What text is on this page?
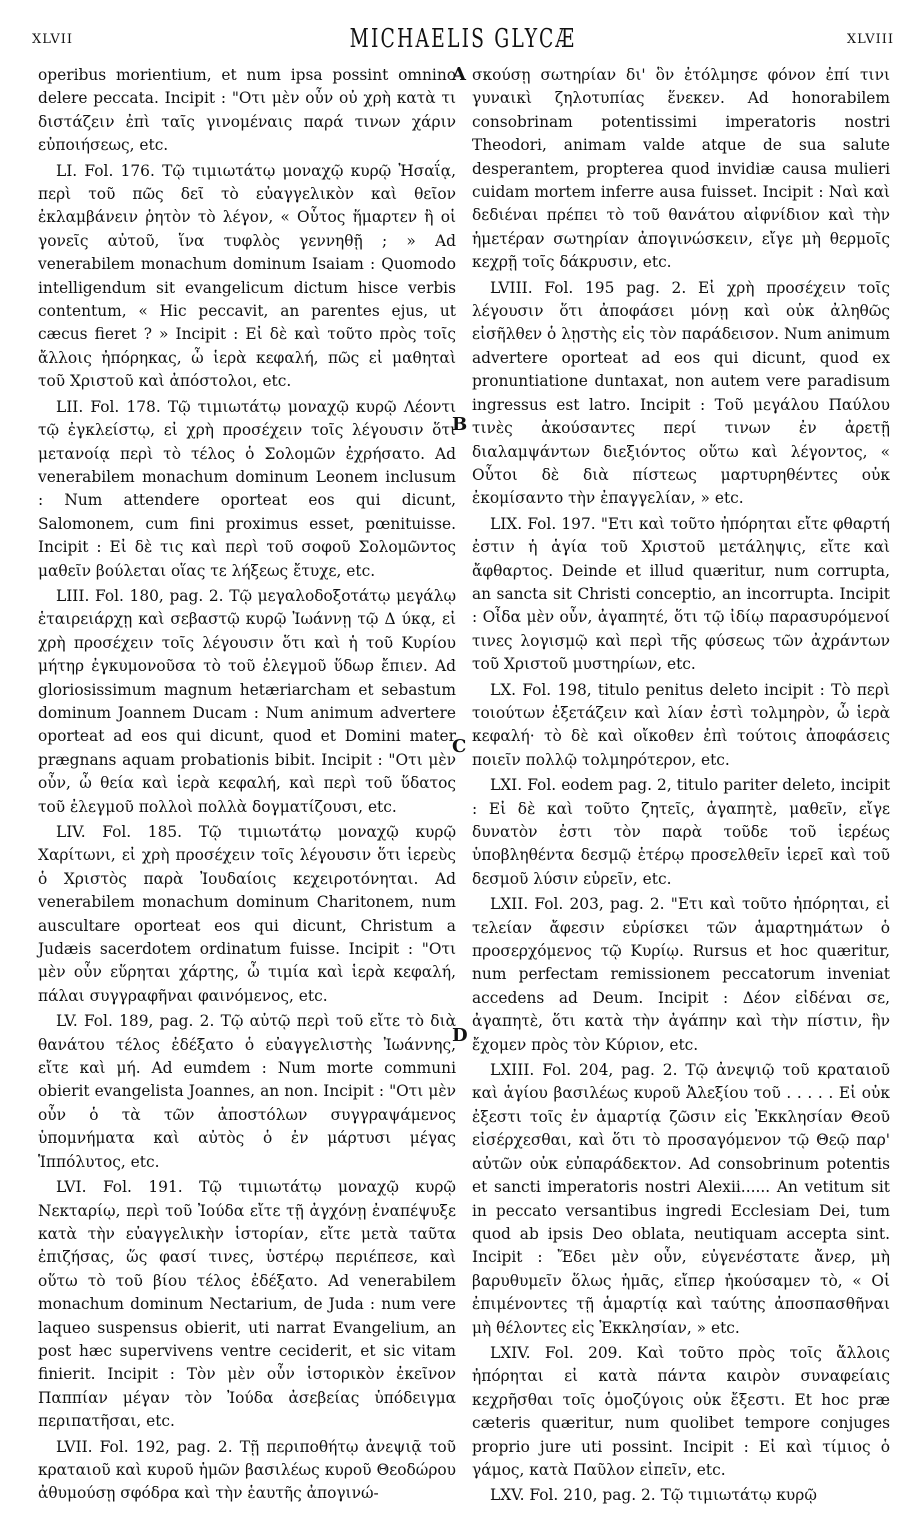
XLVII	MICHAELIS GLYCÆ	XLVIII
A
B
C
D

operibus morientium, et num ipsa possint omnino delere peccata. Incipit : "Οτι μὲν οὖν οὐ χρὴ κατὰ τι διστάζειν ἐπὶ ταῖς γινομέναις παρά τινων χάριν εὐποιήσεως, etc.

LI. Fol. 176. Τῷ τιμιωτάτῳ μοναχῷ κυρῷ Ἠσαΐᾳ, περὶ τοῦ πῶς δεῖ τὸ εὐαγγελικὸν καὶ θεῖον ἐκλαμβάνειν ῥητὸν τὸ λέγον, « Οὗτος ἥμαρτεν ἢ οἱ γονεῖς αὐτοῦ, ἵνα τυφλὸς γεννηθῇ ; » Ad venerabilem monachum dominum Isaiam : Quomodo intelligendum sit evangelicum dictum hisce verbis contentum, « Hic peccavit, an parentes ejus, ut cæcus fieret ? » Incipit : Εἰ δὲ καὶ τοῦτο πρὸς τοῖς ἄλλοις ἠπόρηκας, ὦ ἱερὰ κεφαλή, πῶς εἰ μαθηταὶ τοῦ Χριστοῦ καὶ ἀπόστολοι, etc.

LII. Fol. 178. Τῷ τιμιωτάτῳ μοναχῷ κυρῷ Λέοντι τῷ ἐγκλείστῳ, εἰ χρὴ προσέχειν τοῖς λέγουσιν ὅτι μετανοίᾳ περὶ τὸ τέλος ὁ Σολομῶν ἐχρήσατο. Ad venerabilem monachum dominum Leonem inclusum : Num attendere oporteat eos qui dicunt, Salomonem, cum fini proximus esset, pœnituisse. Incipit : Εἰ δὲ τις καὶ περὶ τοῦ σοφοῦ Σολομῶντος μαθεῖν βούλεται οἵας τε λήξεως ἔτυχε, etc.

LIII. Fol. 180, pag. 2. Τῷ μεγαλοδοξοτάτῳ μεγάλῳ ἑταιρειάρχῃ καὶ σεβαστῷ κυρῷ Ἰωάννῃ τῷ Δ ύκᾳ, εἰ χρὴ προσέχειν τοῖς λέγουσιν ὅτι καὶ ἡ τοῦ Κυρίου μήτηρ ἐγκυμονοῦσα τὸ τοῦ ἐλεγμοῦ ὕδωρ ἔπιεν. Ad gloriosissimum magnum hetæriarcham et sebastum dominum Joannem Ducam : Num animum advertere oporteat ad eos qui dicunt, quod et Domini mater prægnans aquam probationis bibit. Incipit : "Οτι μὲν οὖν, ὦ θεία καὶ ἱερὰ κεφαλή, καὶ περὶ τοῦ ὕδατος τοῦ ἐλεγμοῦ πολλοὶ πολλὰ δογματίζουσι, etc.

LIV. Fol. 185. Τῷ τιμιωτάτῳ μοναχῷ κυρῷ Χαρίτωνι, εἰ χρὴ προσέχειν τοῖς λέγουσιν ὅτι ἱερεὺς ὁ Χριστὸς παρὰ Ἰουδαίοις κεχειροτόνηται. Ad venerabilem monachum dominum Charitonem, num auscultare oporteat eos qui dicunt, Christum a Judæis sacerdotem ordinatum fuisse. Incipit : "Οτι μὲν οὖν εὕρηται χάρτης, ὦ τιμία καὶ ἱερὰ κεφαλή, πάλαι συγγραφῆναι φαινόμενος, etc.

LV. Fol. 189, pag. 2. Τῷ αὐτῷ περὶ τοῦ εἴτε τὸ διὰ θανάτου τέλος ἐδέξατο ὁ εὐαγγελιστὴς Ἰωάννης, εἴτε καὶ μή. Ad eumdem : Num morte communi obierit evangelista Joannes, an non. Incipit : "Οτι μὲν οὖν ὁ τὰ τῶν ἀποστόλων συγγραψάμενος ὑπομνήματα καὶ αὐτὸς ὁ ἐν μάρτυσι μέγας Ἱππόλυτος, etc.

LVI. Fol. 191. Τῷ τιμιωτάτῳ μοναχῷ κυρῷ Νεκταρίῳ, περὶ τοῦ Ἰούδα εἴτε τῇ ἀγχόνῃ ἐναπέψυξε κατὰ τὴν εὐαγγελικὴν ἱστορίαν, εἴτε μετὰ ταῦτα ἐπιζήσας, ὥς φασί τινες, ὑστέρῳ περιέπεσε, καὶ οὕτω τὸ τοῦ βίου τέλος ἐδέξατο. Ad venerabilem monachum dominum Nectarium, de Juda : num vere laqueo suspensus obierit, uti narrat Evangelium, an post hæc supervivens ventre ceciderit, et sic vitam finierit. Incipit : Τὸν μὲν οὖν ἱστορικὸν ἐκεῖνον Παππίαν μέγαν τὸν Ἰούδα ἀσεβείας ὑπόδειγμα περιπατῆσαι, etc.

LVII. Fol. 192, pag. 2. Τῇ περιποθήτῳ ἀνεψιᾷ τοῦ κραταιοῦ καὶ κυροῦ ἡμῶν βασιλέως κυροῦ Θεοδώρου ἀθυμούσῃ σφόδρα καὶ τὴν ἑαυτῆς ἀπογινώ-

σκούσῃ σωτηρίαν δι' ὃν ἐτόλμησε φόνον ἐπί τινι γυναικὶ ζηλοτυπίας ἕνεκεν. Ad honorabilem consobrinam potentissimi imperatoris nostri Theodori, animam valde atque de sua salute desperantem, propterea quod invidiæ causa mulieri cuidam mortem inferre ausa fuisset. Incipit : Ναὶ καὶ δεδιέναι πρέπει τὸ τοῦ θανάτου αἰφνίδιον καὶ τὴν ἡμετέραν σωτηρίαν ἀπογινώσκειν, εἴγε μὴ θερμοῖς κεχρῇ τοῖς δάκρυσιν, etc.

LVIII. Fol. 195 pag. 2. Εἰ χρὴ προσέχειν τοῖς λέγουσιν ὅτι ἀποφάσει μόνῃ καὶ οὐκ ἀληθῶς εἰσῆλθεν ὁ λῃστὴς εἰς τὸν παράδεισον. Num animum advertere oporteat ad eos qui dicunt, quod ex pronuntiatione duntaxat, non autem vere paradisum ingressus est latro. Incipit : Τοῦ μεγάλου Παύλου τινὲς ἀκούσαντες περί τινων ἐν ἀρετῇ διαλαμψάντων διεξιόντος οὕτω καὶ λέγοντος, « Οὗτοι δὲ διὰ πίστεως μαρτυρηθέντες οὐκ ἐκομίσαντο τὴν ἐπαγγελίαν, » etc.

LIX. Fol. 197. "Ετι καὶ τοῦτο ἠπόρηται εἴτε φθαρτή ἐστιν ἡ ἁγία τοῦ Χριστοῦ μετάληψις, εἴτε καὶ ἄφθαρτος. Deinde et illud quæritur, num corrupta, an sancta sit Christi conceptio, an incorrupta. Incipit : Οἶδα μὲν οὖν, ἀγαπητέ, ὅτι τῷ ἰδίῳ παρασυρόμενοί τινες λογισμῷ καὶ περὶ τῆς φύσεως τῶν ἀχράντων τοῦ Χριστοῦ μυστηρίων, etc.

LX. Fol. 198, titulo penitus deleto incipit : Τὸ περὶ τοιούτων ἐξετάζειν καὶ λίαν ἐστὶ τολμηρὸν, ὦ ἱερὰ κεφαλή· τὸ δὲ καὶ οἴκοθεν ἐπὶ τούτοις ἀποφάσεις ποιεῖν πολλῷ τολμηρότερον, etc.

LXI. Fol. eodem pag. 2, titulo pariter deleto, incipit : Εἰ δὲ καὶ τοῦτο ζητεῖς, ἀγαπητὲ, μαθεῖν, εἴγε δυνατὸν ἐστι τὸν παρὰ τοῦδε τοῦ ἱερέως ὑποβληθέντα δεσμῷ ἑτέρῳ προσελθεῖν ἱερεῖ καὶ τοῦ δεσμοῦ λύσιν εὑρεῖν, etc.

LXII. Fol. 203, pag. 2. "Ετι καὶ τοῦτο ἠπόρηται, εἰ τελείαν ἄφεσιν εὑρίσκει τῶν ἁμαρτημάτων ὁ προσερχόμενος τῷ Κυρίῳ. Rursus et hoc quæritur, num perfectam remissionem peccatorum inveniat accedens ad Deum. Incipit : Δέον εἰδέναι σε, ἀγαπητὲ, ὅτι κατὰ τὴν ἀγάπην καὶ τὴν πίστιν, ἣν ἔχομεν πρὸς τὸν Κύριον, etc.

LXIII. Fol. 204, pag. 2. Τῷ ἀνεψιῷ τοῦ κραταιοῦ καὶ ἁγίου βασιλέως κυροῦ Ἀλεξίου τοῦ . . . . . Εἰ οὐκ ἐξεστι τοῖς ἐν ἁμαρτίᾳ ζῶσιν εἰς Ἐκκλησίαν Θεοῦ εἰσέρχεσθαι, καὶ ὅτι τὸ προσαγόμενον τῷ Θεῷ παρ' αὐτῶν οὐκ εὐπαράδεκτον. Ad consobrinum potentis et sancti imperatoris nostri Alexii...... An vetitum sit in peccato versantibus ingredi Ecclesiam Dei, tum quod ab ipsis Deo oblata, neutiquam accepta sint. Incipit : Ἔδει μὲν οὖν, εὐγενέστατε ἄνερ, μὴ βαρυθυμεῖν ὅλως ἡμᾶς, εἴπερ ἠκούσαμεν τὸ, « Οἱ ἐπιμένοντες τῇ ἁμαρτίᾳ καὶ ταύτης ἀποσπασθῆναι μὴ θέλοντες εἰς Ἐκκλησίαν, » etc.

LXIV. Fol. 209. Καὶ τοῦτο πρὸς τοῖς ἄλλοις ἠπόρηται εἰ κατὰ πάντα καιρὸν συναφείαις κεχρῆσθαι τοῖς ὁμοζύγοις οὐκ ἔξεστι. Et hoc præ cæteris quæritur, num quolibet tempore conjuges proprio jure uti possint. Incipit : Εἰ καὶ τίμιος ὁ γάμος, κατὰ Παῦλον εἰπεῖν, etc.

LXV. Fol. 210, pag. 2. Τῷ τιμιωτάτῳ κυρῷ
